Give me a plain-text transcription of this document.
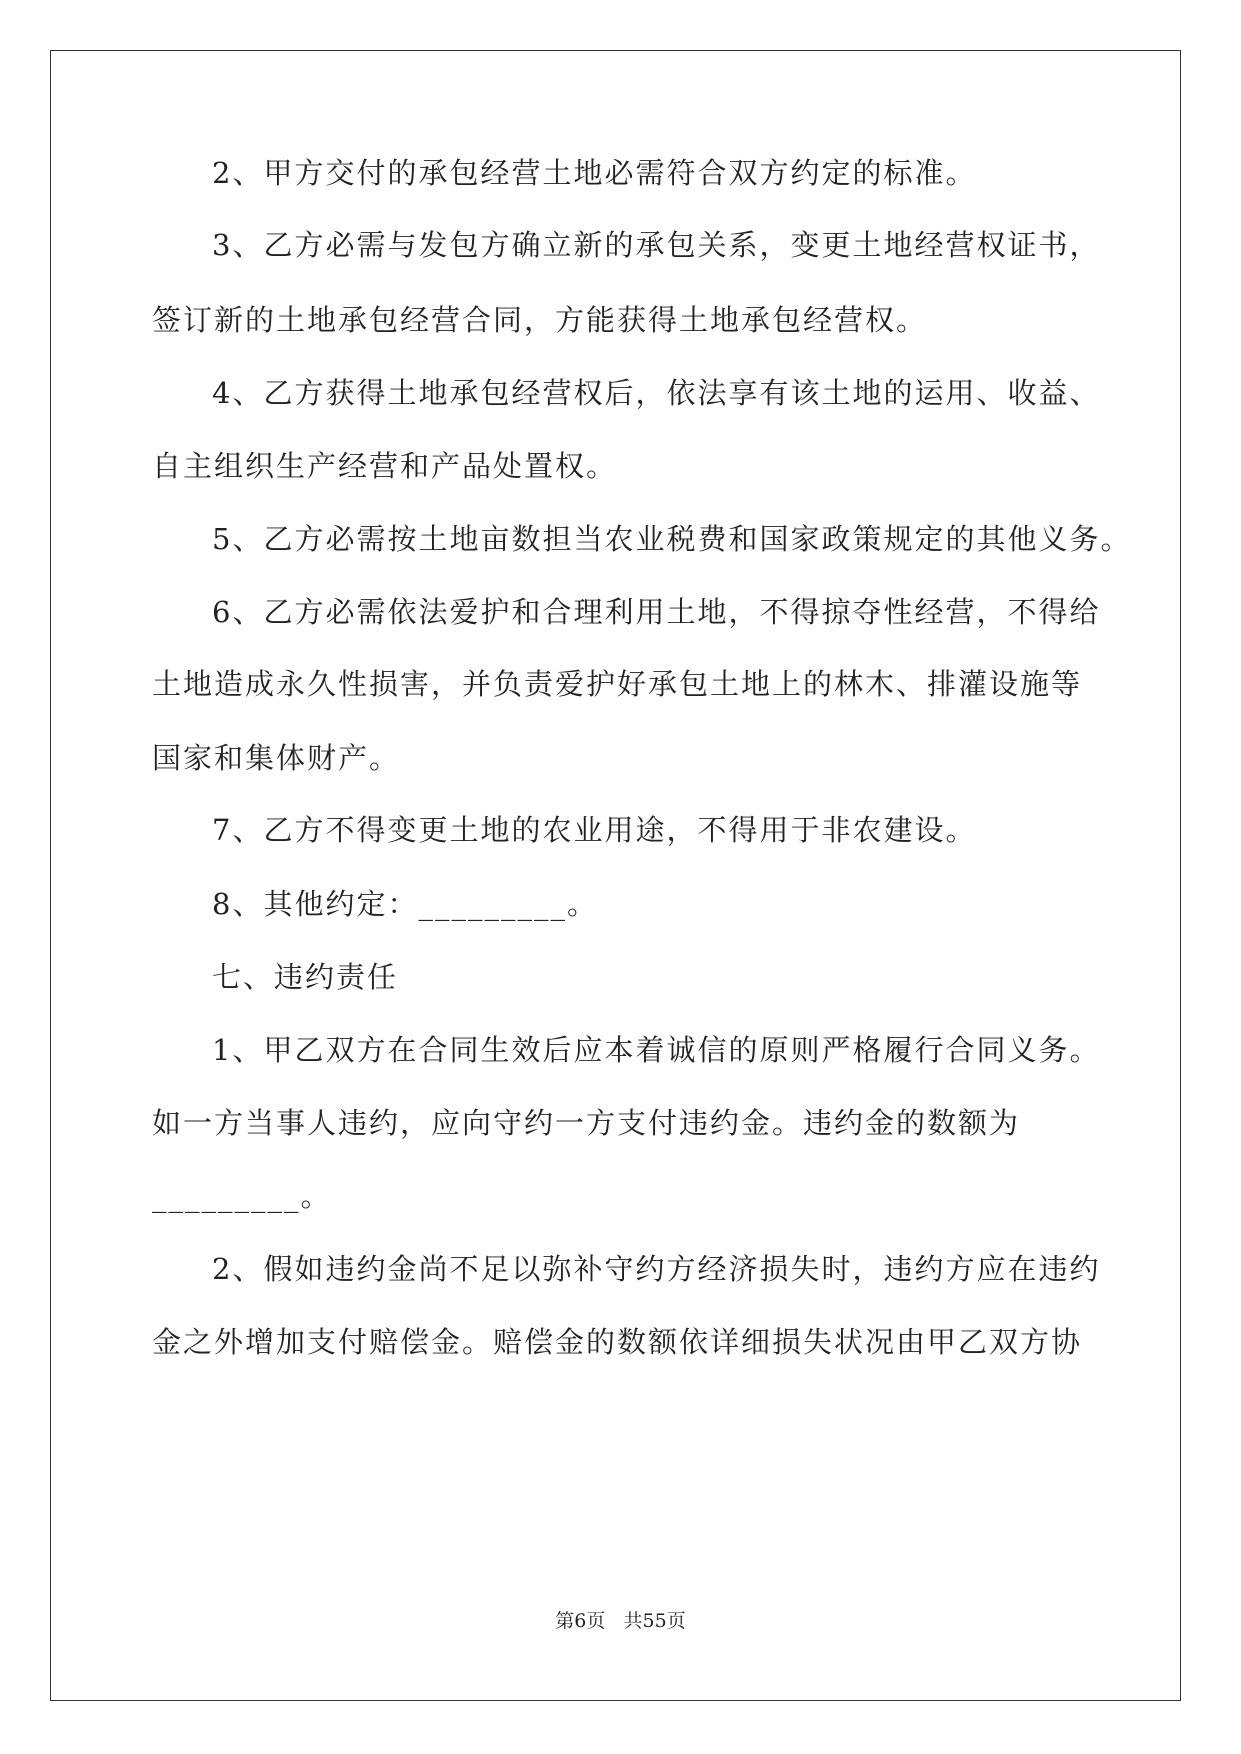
2、甲方交付的承包经营土地必需符合双方约定的标准。

3、乙方必需与发包方确立新的承包关系，变更土地经营权证书，

签订新的土地承包经营合同，方能获得土地承包经营权。

4、乙方获得土地承包经营权后，依法享有该土地的运用、收益、

自主组织生产经营和产品处置权。

5、乙方必需按土地亩数担当农业税费和国家政策规定的其他义务。

6、乙方必需依法爱护和合理利用土地，不得掠夺性经营，不得给

土地造成永久性损害，并负责爱护好承包土地上的林木、排灌设施等

国家和集体财产。

7、乙方不得变更土地的农业用途，不得用于非农建设。

8、其他约定：_________。

七、违约责任

1、甲乙双方在合同生效后应本着诚信的原则严格履行合同义务。

如一方当事人违约，应向守约一方支付违约金。违约金的数额为

_________。

2、假如违约金尚不足以弥补守约方经济损失时，违约方应在违约

金之外增加支付赔偿金。赔偿金的数额依详细损失状况由甲乙双方协

第6页 共55页
